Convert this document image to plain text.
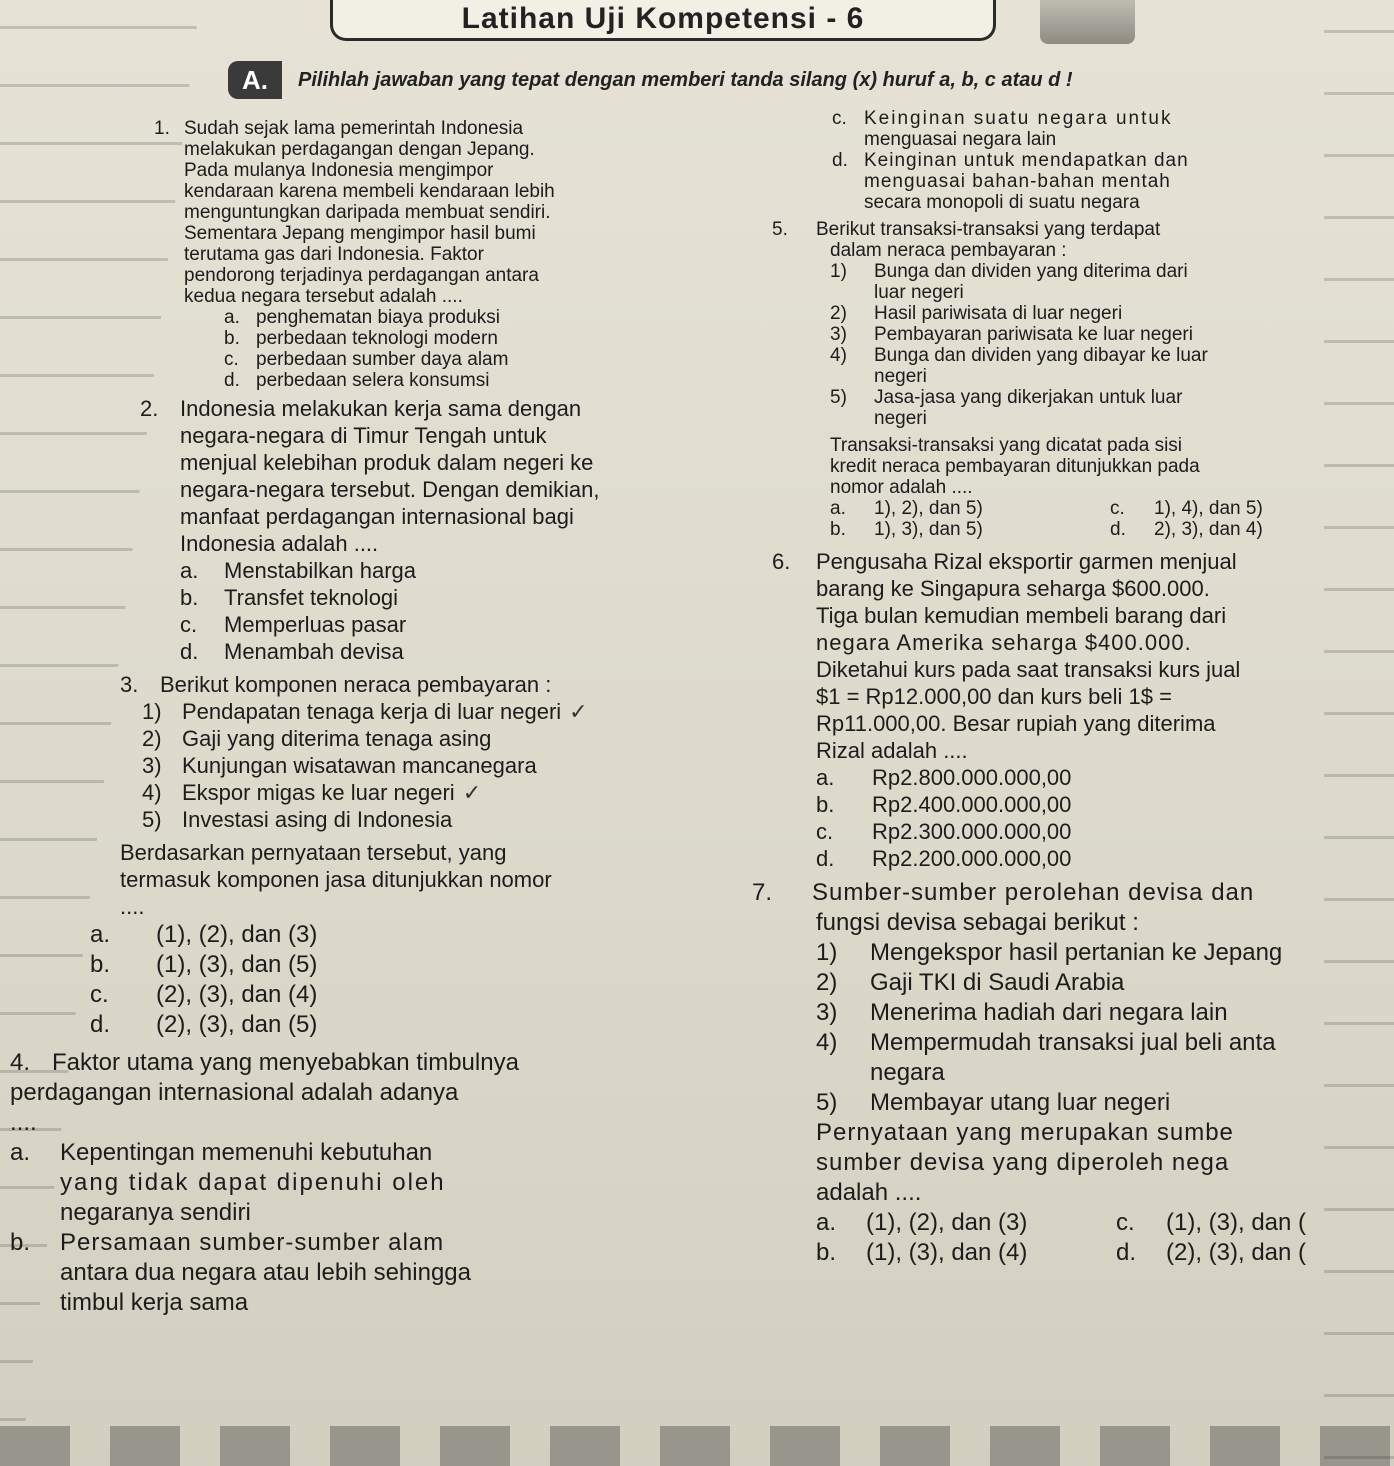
Latihan Uji Kompetensi - 6
A.	Pilihlah jawaban yang tepat dengan memberi tanda silang (x) huruf a, b, c atau d !
1. Sudah sejak lama pemerintah Indonesia
melakukan perdagangan dengan Jepang.
Pada mulanya Indonesia mengimpor
kendaraan karena membeli kendaraan lebih
menguntungkan daripada membuat sendiri.
Sementara Jepang mengimpor hasil bumi
terutama gas dari Indonesia. Faktor
pendorong terjadinya perdagangan antara
kedua negara tersebut adalah ....
a. penghematan biaya produksi
b. perbedaan teknologi modern
c. perbedaan sumber daya alam
d. perbedaan selera konsumsi
2. Indonesia melakukan kerja sama dengan
negara-negara di Timur Tengah untuk
menjual kelebihan produk dalam negeri ke
negara-negara tersebut. Dengan demikian,
manfaat perdagangan internasional bagi
Indonesia adalah ....
a.	Menstabilkan harga
b.	Transfet teknologi
c.	Memperluas pasar
d.	Menambah devisa
3. Berikut komponen neraca pembayaran :
1) Pendapatan tenaga kerja di luar negeri ✓
2) Gaji yang diterima tenaga asing
3) Kunjungan wisatawan mancanegara
4) Ekspor migas ke luar negeri ✓
5) Investasi asing di Indonesia
Berdasarkan pernyataan tersebut, yang
termasuk komponen jasa ditunjukkan nomor
....
a.	(1), (2), dan (3)
b.	(1), (3), dan (5)
c.	(2), (3), dan (4)
d.	(2), (3), dan (5)
4. Faktor utama yang menyebabkan timbulnya
perdagangan internasional adalah adanya
....
a.	Kepentingan memenuhi kebutuhan
yang tidak dapat dipenuhi oleh
negaranya sendiri
b.	Persamaan sumber-sumber alam
antara dua negara atau lebih sehingga
timbul kerja sama
c. Keinginan suatu negara untuk
menguasai negara lain
d. Keinginan untuk mendapatkan dan
menguasai bahan-bahan mentah
secara monopoli di suatu negara
5.	Berikut transaksi-transaksi yang terdapat
dalam neraca pembayaran :
1)	Bunga dan dividen yang diterima dari
luar negeri
2)	Hasil pariwisata di luar negeri
3)	Pembayaran pariwisata ke luar negeri
4)	Bunga dan dividen yang dibayar ke luar
negeri
5)	Jasa-jasa yang dikerjakan untuk luar
negeri
Transaksi-transaksi yang dicatat pada sisi
kredit neraca pembayaran ditunjukkan pada
nomor adalah ....
a.	1), 2), dan 5)	c.	1), 4), dan 5)
b.	1), 3), dan 5)	d.	2), 3), dan 4)
6.	Pengusaha Rizal eksportir garmen menjual
barang ke Singapura seharga $600.000.
Tiga bulan kemudian membeli barang dari
negara Amerika seharga $400.000.
Diketahui kurs pada saat transaksi kurs jual
$1 = Rp12.000,00 dan kurs beli 1$ =
Rp11.000,00. Besar rupiah yang diterima
Rizal adalah ....
a.	Rp2.800.000.000,00
b.	Rp2.400.000.000,00
c.	Rp2.300.000.000,00
d.	Rp2.200.000.000,00
7.	Sumber-sumber perolehan devisa dan
fungsi devisa sebagai berikut :
1)	Mengekspor hasil pertanian ke Jepang
2)	Gaji TKI di Saudi Arabia
3)	Menerima hadiah dari negara lain
4)	Mempermudah transaksi jual beli anta
negara
5)	Membayar utang luar negeri
Pernyataan yang merupakan sumbe
sumber devisa yang diperoleh nega
adalah ....
a.	(1), (2), dan (3)	c.	(1), (3), dan (
b.	(1), (3), dan (4)	d.	(2), (3), dan (
